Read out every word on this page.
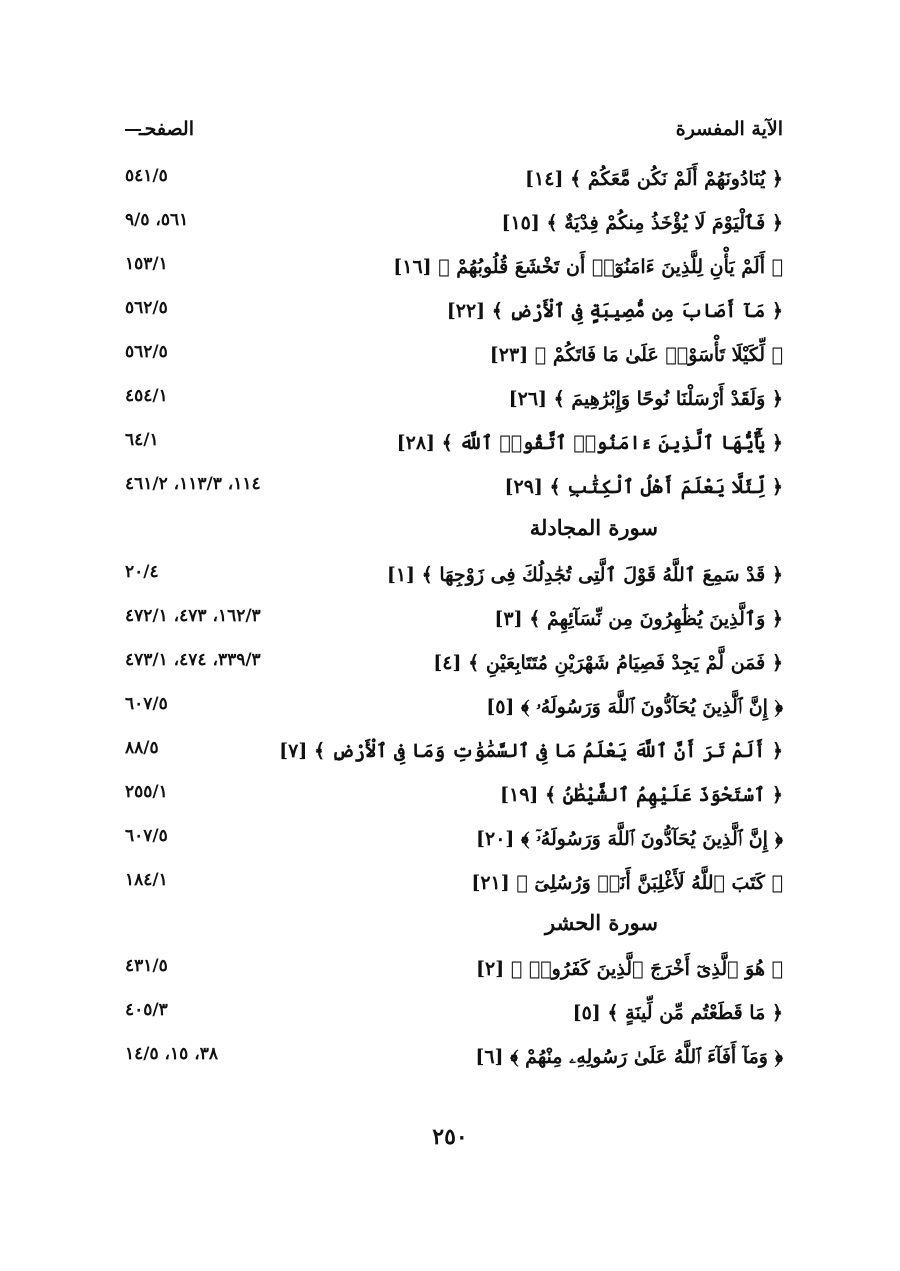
الآية المفسرة
الصفحـ
﴿ يُنَادُونَهُمْ أَلَمْ نَكُن مَّعَكُمْ ﴾ [١٤]
٥٤١/٥
﴿ فَٱلْيَوْمَ لَا يُؤْخَذُ مِنكُمْ فِدْيَةٌ ﴾ [١٥]
٥٦١، ٩/٥
﴿ أَلَمْ يَأْنِ لِلَّذِينَ ءَامَنُوٓا۟ أَن تَخْشَعَ قُلُوبُهُمْ ﴾ [١٦]
١٥٣/١
﴿ مَآ أَصَابَ مِن مُّصِيبَةٍ فِى ٱلْأَرْضِ ﴾ [٢٢]
٥٦٢/٥
﴿ لِّكَيْلَا تَأْسَوْا۟ عَلَىٰ مَا فَاتَكُمْ ﴾ [٢٣]
٥٦٢/٥
﴿ وَلَقَدْ أَرْسَلْنَا نُوحًا وَإِبْرَٰهِيمَ ﴾ [٢٦]
٤٥٤/١
﴿ يَٰٓأَيُّهَا ٱلَّذِينَ ءَامَنُوا۟ ٱتَّقُوا۟ ٱللَّهَ ﴾ [٢٨]
٦٤/١
﴿ لِّئَلَّا يَعْلَمَ أَهْلُ ٱلْكِتَٰبِ ﴾ [٢٩]
١١٤، ١١٣/٣، ٤٦١/٢
سورة المجادلة
﴿ قَدْ سَمِعَ ٱللَّهُ قَوْلَ ٱلَّتِى تُجَٰدِلُكَ فِى زَوْجِهَا ﴾ [١]
٢٠/٤
﴿ وَٱلَّذِينَ يُظَٰهِرُونَ مِن نِّسَآئِهِمْ ﴾ [٣]
١٦٢/٣، ٤٧٣، ٤٧٢/١
﴿ فَمَن لَّمْ يَجِدْ فَصِيَامُ شَهْرَيْنِ مُتَتَابِعَيْنِ ﴾ [٤]
٣٣٩/٣، ٤٧٤، ٤٧٣/١
﴿ إِنَّ ٱلَّذِينَ يُحَآدُّونَ ٱللَّهَ وَرَسُولَهُۥ ﴾ [٥]
٦٠٧/٥
﴿ أَلَمْ تَرَ أَنَّ ٱللَّهَ يَعْلَمُ مَا فِى ٱلسَّمَٰوَٰتِ وَمَا فِى ٱلْأَرْضِ ﴾ [٧]
٨٨/٥
﴿ ٱسْتَحْوَذَ عَلَيْهِمُ ٱلشَّيْطَٰنُ ﴾ [١٩]
٢٥٥/١
﴿ إِنَّ ٱلَّذِينَ يُحَآدُّونَ ٱللَّهَ وَرَسُولَهُۥٓ ﴾ [٢٠]
٦٠٧/٥
﴿ كَتَبَ ٱللَّهُ لَأَغْلِبَنَّ أَنَا۠ وَرُسُلِىٓ ﴾ [٢١]
١٨٤/١
سورة الحشر
﴿ هُوَ ٱلَّذِىٓ أَخْرَجَ ٱلَّذِينَ كَفَرُوا۟ ﴾ [٢]
٤٣١/٥
﴿ مَا قَطَعْتُم مِّن لِّينَةٍ ﴾ [٥]
٤٠٥/٣
﴿ وَمَآ أَفَآءَ ٱللَّهُ عَلَىٰ رَسُولِهِۦ مِنْهُمْ ﴾ [٦]
٣٨، ١٥، ١٤/٥
٢٥٠
